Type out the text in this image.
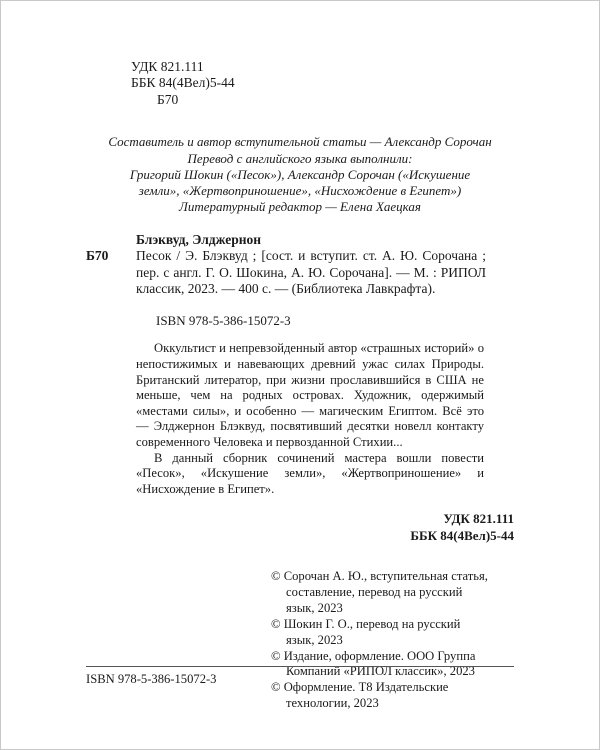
УДК 821.111
ББК 84(4Вел)5-44
Б70
Составитель и автор вступительной статьи — Александр Сорочан
Перевод с английского языка выполнили:
Григорий Шокин («Песок»), Александр Сорочан («Искушение
земли», «Жертвоприношение», «Нисхождение в Египет»)
Литературный редактор — Елена Хаецкая
Блэквуд, Элджернон
Б70 Песок / Э. Блэквуд ; [сост. и вступит. ст. А. Ю. Сорочана ; пер. с англ. Г. О. Шокина, А. Ю. Сорочана]. — М. : РИПОЛ классик, 2023. — 400 с. — (Библиотека Лавкрафта).
ISBN 978-5-386-15072-3

Оккультист и непревзойденный автор «страшных историй» о непостижимых и навевающих древний ужас силах Природы. Британский литератор, при жизни прославившийся в США не меньше, чем на родных островах. Художник, одержимый «местами силы», и особенно — магическим Египтом. Всё это — Элджернон Блэквуд, посвятивший десятки новелл контакту современного Человека и первозданной Стихии...

В данный сборник сочинений мастера вошли повести «Песок», «Искушение земли», «Жертвоприношение» и «Нисхождение в Египет».

УДК 821.111
ББК 84(4Вел)5-44
© Сорочан А. Ю., вступительная статья, составление, перевод на русский язык, 2023
© Шокин Г. О., перевод на русский язык, 2023
© Издание, оформление. ООО Группа Компаний «РИПОЛ классик», 2023
© Оформление. Т8 Издательские технологии, 2023
ISBN 978-5-386-15072-3
